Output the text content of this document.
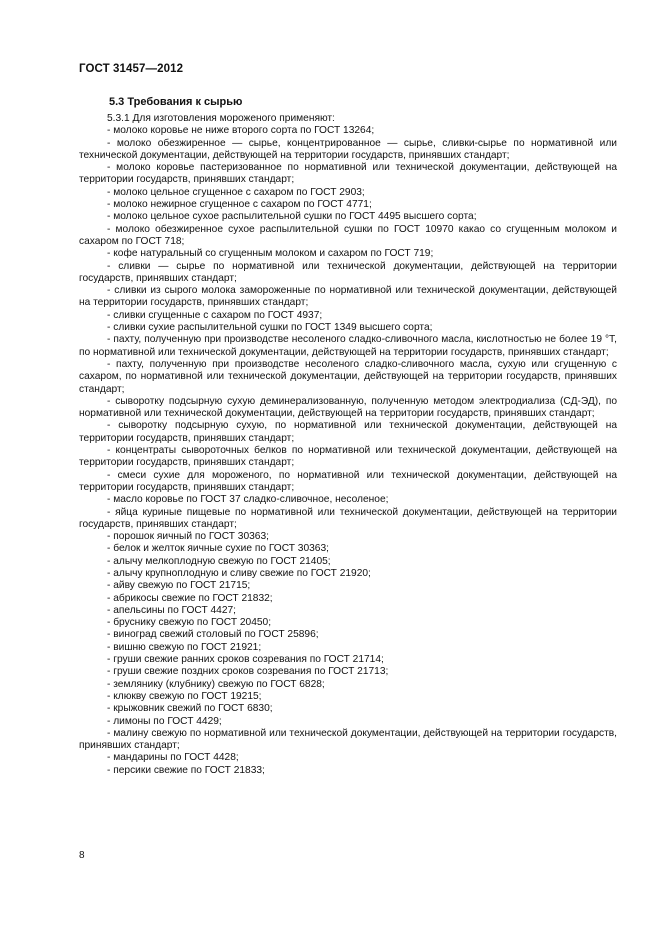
ГОСТ 31457—2012
5.3 Требования к сырью

5.3.1 Для изготовления мороженого применяют:

- молоко коровье не ниже второго сорта по ГОСТ 13264;

- молоко обезжиренное — сырье, концентрированное — сырье, сливки-сырье по нормативной или технической документации, действующей на территории государств, принявших стандарт;

- молоко коровье пастеризованное по нормативной или технической документации, действующей на территории государств, принявших стандарт;

- молоко цельное сгущенное с сахаром по ГОСТ 2903;

- молоко нежирное сгущенное с сахаром по ГОСТ 4771;

- молоко цельное сухое распылительной сушки по ГОСТ 4495 высшего сорта;

- молоко обезжиренное сухое распылительной сушки по ГОСТ 10970 какао со сгущенным молоком и сахаром по ГОСТ 718;

- кофе натуральный со сгущенным молоком и сахаром по ГОСТ 719;

- сливки — сырье по нормативной или технической документации, действующей на территории государств, принявших стандарт;

- сливки из сырого молока замороженные по нормативной или технической документации, действующей на территории государств, принявших стандарт;

- сливки сгущенные с сахаром по ГОСТ 4937;

- сливки сухие распылительной сушки по ГОСТ 1349 высшего сорта;

- пахту, полученную при производстве несоленого сладко-сливочного масла, кислотностью не более 19 °Т, по нормативной или технической документации, действующей на территории государств, принявших стандарт;

- пахту, полученную при производстве несоленого сладко-сливочного масла, сухую или сгущенную с сахаром, по нормативной или технической документации, действующей на территории государств, принявших стандарт;

- сыворотку подсырную сухую деминерализованную, полученную методом электродиализа (СД-ЭД), по нормативной или технической документации, действующей на территории государств, принявших стандарт;

- сыворотку подсырную сухую, по нормативной или технической документации, действующей на территории государств, принявших стандарт;

- концентраты сывороточных белков по нормативной или технической документации, действующей на территории государств, принявших стандарт;

- смеси сухие для мороженого, по нормативной или технической документации, действующей на территории государств, принявших стандарт;

- масло коровье по ГОСТ 37 сладко-сливочное, несоленое;

- яйца куриные пищевые по нормативной или технической документации, действующей на территории государств, принявших стандарт;

- порошок яичный по ГОСТ 30363;

- белок и желток яичные сухие по ГОСТ 30363;

- алычу мелкоплодную свежую по ГОСТ 21405;

- алычу крупноплодную и сливу свежие по ГОСТ 21920;

- айву свежую по ГОСТ 21715;

- абрикосы свежие по ГОСТ 21832;

- апельсины по ГОСТ 4427;

- бруснику свежую по ГОСТ 20450;

- виноград свежий столовый по ГОСТ 25896;

- вишню свежую по ГОСТ 21921;

- груши свежие ранних сроков созревания по ГОСТ 21714;

- груши свежие поздних сроков созревания по ГОСТ 21713;

- землянику (клубнику) свежую по ГОСТ 6828;

- клюкву свежую по ГОСТ 19215;

- крыжовник свежий по ГОСТ 6830;

- лимоны по ГОСТ 4429;

- малину свежую по нормативной или технической документации, действующей на территории государств, принявших стандарт;

- мандарины по ГОСТ 4428;

- персики свежие по ГОСТ 21833;

8
